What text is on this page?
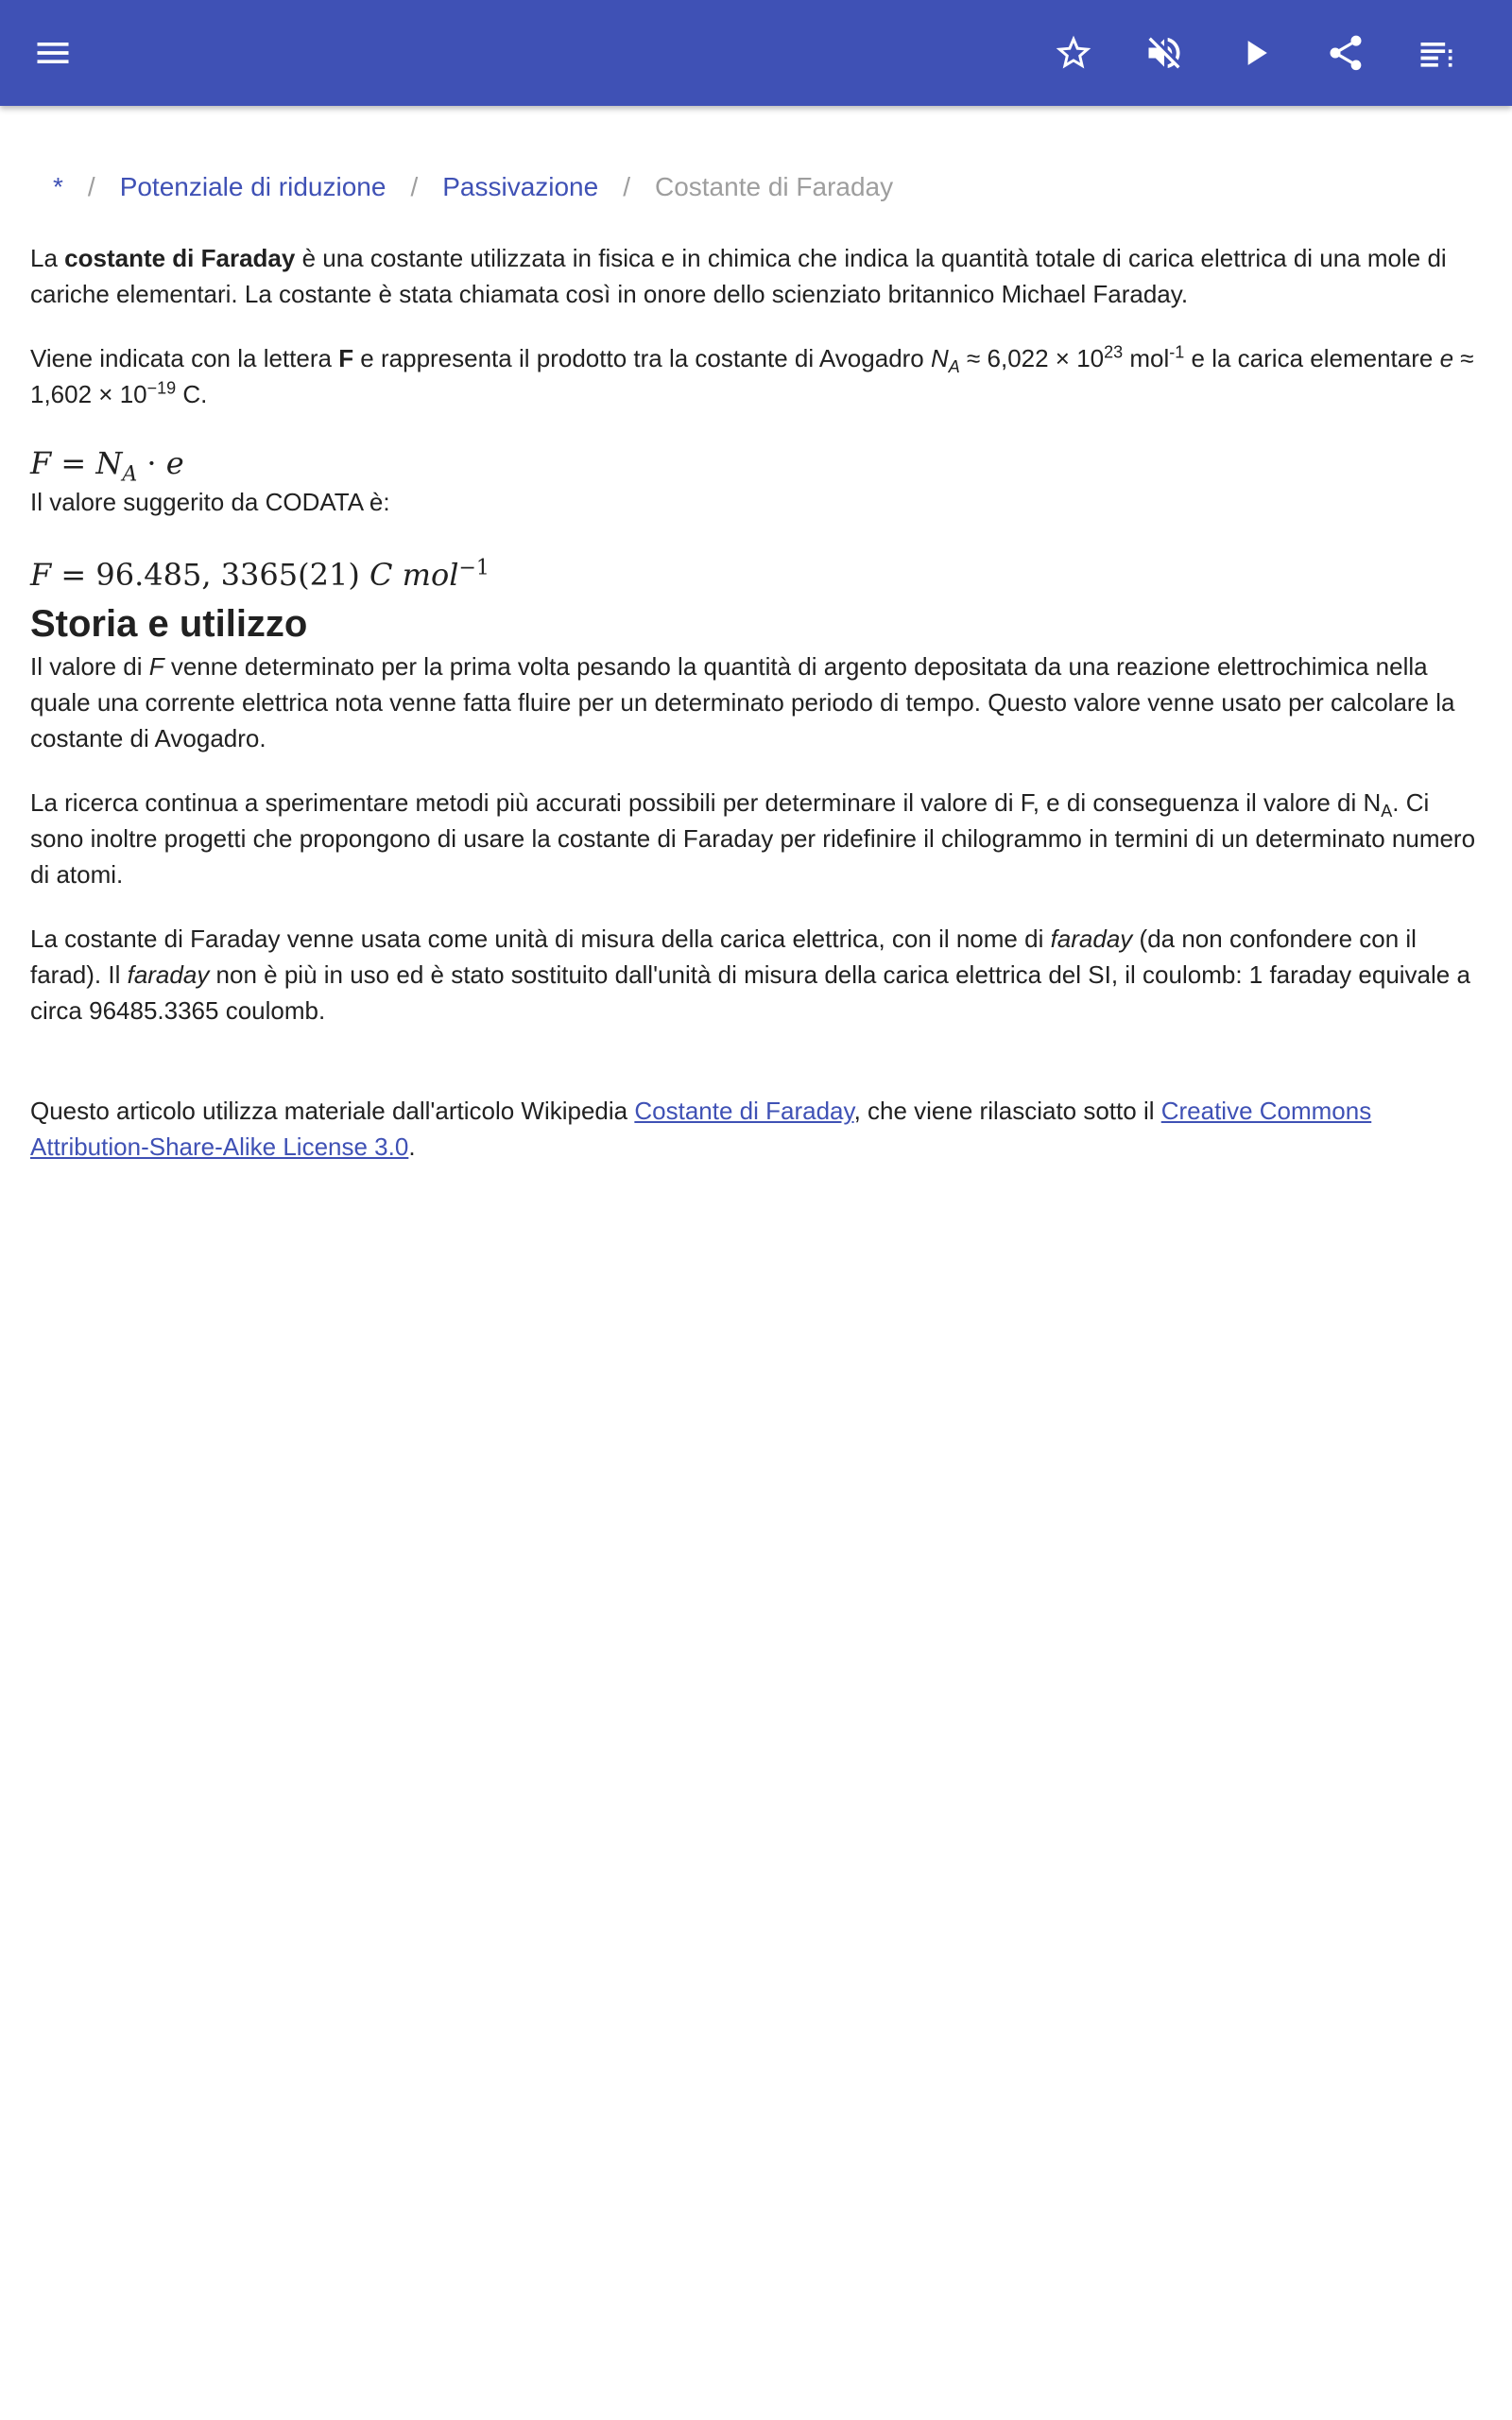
* / Potenziale di riduzione / Passivazione / Costante di Faraday

La costante di Faraday è una costante utilizzata in fisica e in chimica che indica la quantità totale di carica elettrica di una mole di cariche elementari. La costante è stata chiamata così in onore dello scienziato britannico Michael Faraday.

Viene indicata con la lettera F e rappresenta il prodotto tra la costante di Avogadro $N_A \approx 6,022 \times 10^{23}$ mol$^{-1}$ e la carica elementare $e \approx 1,602 \times 10^{-19}$ C.

$F = N_A \cdot e$

Il valore suggerito da CODATA è:

F = 96.485, 3365(21) C mol$^{-1}$
Storia e utilizzo

Il valore di F venne determinato per la prima volta pesando la quantità di argento depositata da una reazione elettrochimica nella quale una corrente elettrica nota venne fatta fluire per un determinato periodo di tempo. Questo valore venne usato per calcolare la costante di Avogadro.

La ricerca continua a sperimentare metodi più accurati possibili per determinare il valore di F, e di conseguenza il valore di $N_A$. Ci sono inoltre progetti che propongono di usare la costante di Faraday per ridefinire il chilogrammo in termini di un determinato numero di atomi.

La costante di Faraday venne usata come unità di misura della carica elettrica, con il nome di faraday (da non confondere con il farad). Il faraday non è più in uso ed è stato sostituito dall'unità di misura della carica elettrica del SI, il coulomb: 1 faraday equivale a circa 96485.3365 coulomb.

Questo articolo utilizza materiale dall'articolo Wikipedia Costante di Faraday, che viene rilasciato sotto il Creative Commons Attribution-Share-Alike License 3.0.
